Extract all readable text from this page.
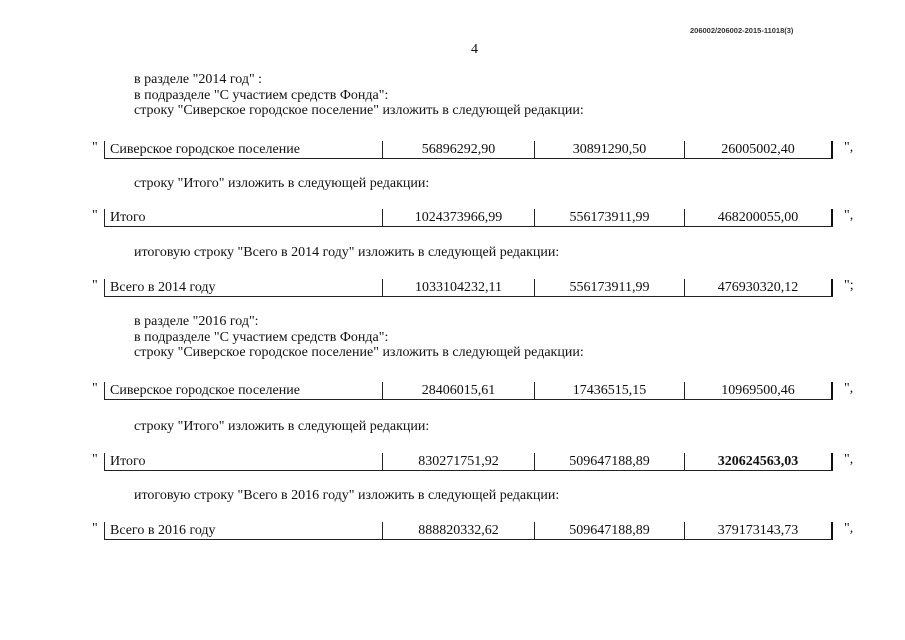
206002/206002-2015-11018(3)
4
в разделе "2014 год" :
в подразделе "С участием средств Фонда":
строку "Сиверское городское поселение" изложить в следующей редакции:
" Сиверское городское поселение	56896292,90	30891290,50	26005002,40	",
строку "Итого" изложить в следующей редакции:
" Итого	1024373966,99	556173911,99	468200055,00	",
итоговую строку "Всего в 2014 году" изложить в следующей редакции:
" Всего в 2014 году	1033104232,11	556173911,99	476930320,12	";
в разделе "2016 год":
в подразделе "С участием средств Фонда":
строку "Сиверское городское поселение" изложить в следующей редакции:
" Сиверское городское поселение	28406015,61	17436515,15	10969500,46	",
строку "Итого" изложить в следующей редакции:
" Итого	830271751,92	509647188,89	320624563,03	",
итоговую строку "Всего в 2016 году" изложить в следующей редакции:
" Всего в 2016 году	888820332,62	509647188,89	379173143,73	",
